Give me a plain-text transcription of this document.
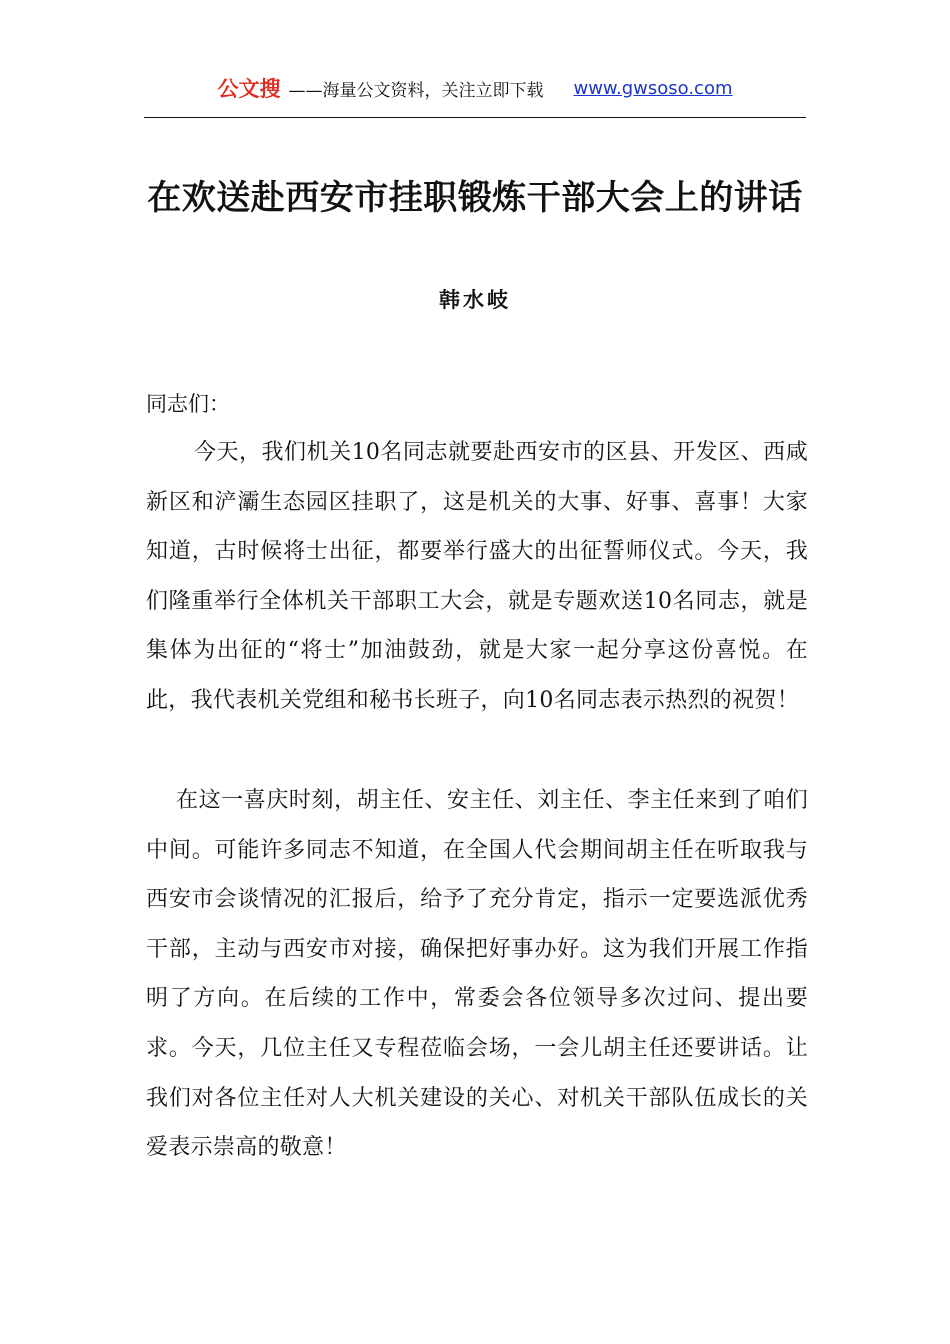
公文搜 ——海量公文资料，关注立即下载 www.gwsoso.com
在欢送赴西安市挂职锻炼干部大会上的讲话

韩水岐

同志们：

今天，我们机关10名同志就要赴西安市的区县、开发区、西咸新区和浐灞生态园区挂职了，这是机关的大事、好事、喜事！大家知道，古时候将士出征，都要举行盛大的出征誓师仪式。今天，我们隆重举行全体机关干部职工大会，就是专题欢送10名同志，就是集体为出征的“将士”加油鼓劲，就是大家一起分享这份喜悦。在此，我代表机关党组和秘书长班子，向10名同志表示热烈的祝贺！

在这一喜庆时刻，胡主任、安主任、刘主任、李主任来到了咱们中间。可能许多同志不知道，在全国人代会期间胡主任在听取我与西安市会谈情况的汇报后，给予了充分肯定，指示一定要选派优秀干部，主动与西安市对接，确保把好事办好。这为我们开展工作指明了方向。在后续的工作中，常委会各位领导多次过问、提出要求。今天，几位主任又专程莅临会场，一会儿胡主任还要讲话。让我们对各位主任对人大机关建设的关心、对机关干部队伍成长的关爱表示崇高的敬意！
